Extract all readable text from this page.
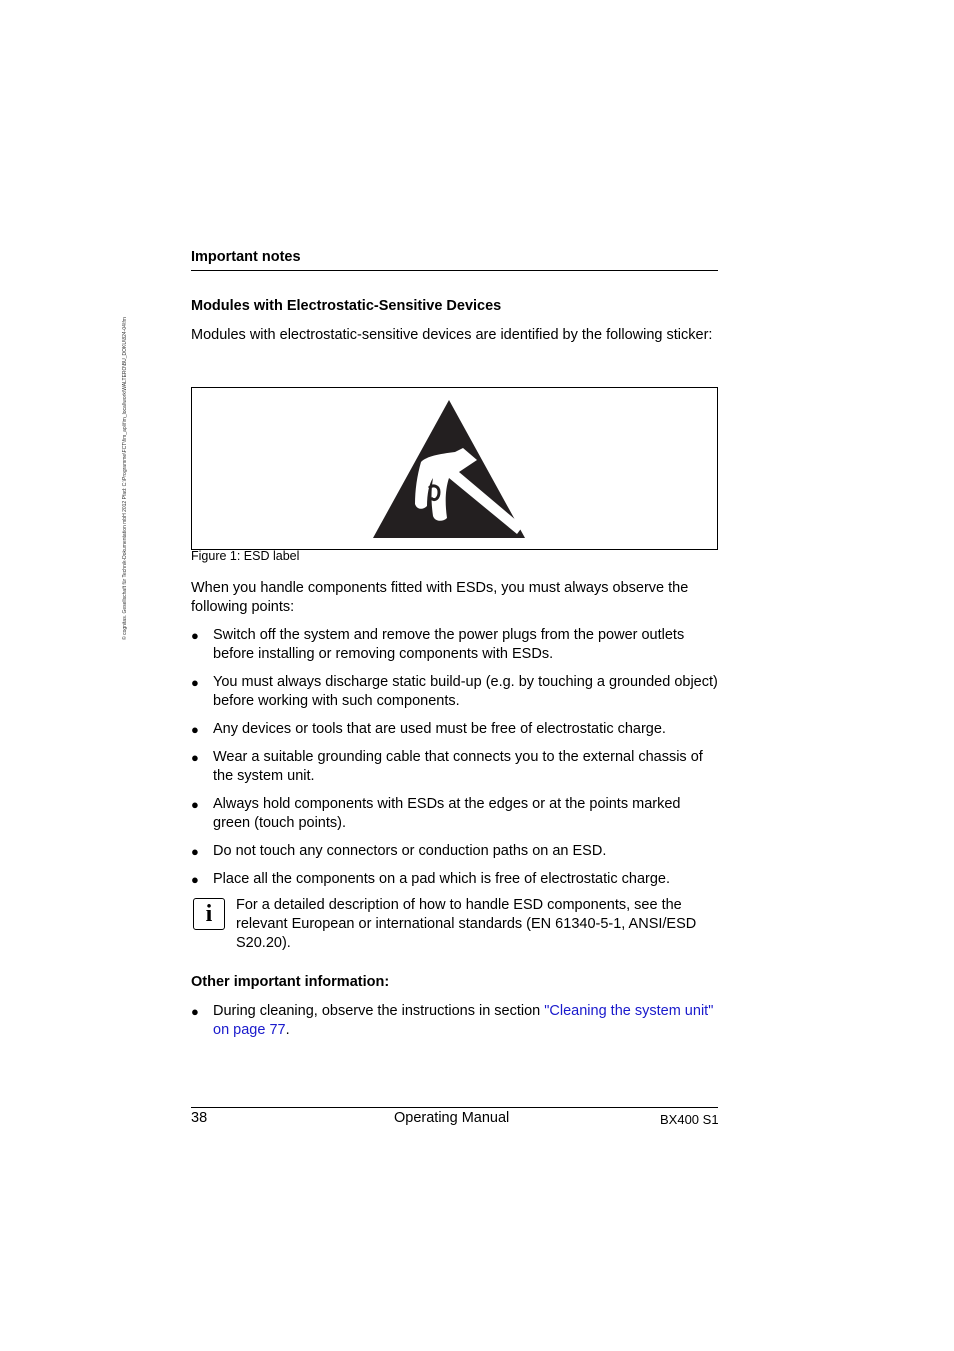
© cognitas. Gesellschaft für Technik-Dokumentation mbH 2012 Pfad: C:\Programme\FCT\fim_api\fim_local\work\WALTERO\BU_DOKU\824-04\fm
Important notes
Modules with Electrostatic-Sensitive Devices
Modules with electrostatic-sensitive devices are identified by the following sticker:
Figure 1: ESD label
When you handle components fitted with ESDs, you must always observe the following points:
● Switch off the system and remove the power plugs from the power outlets before installing or removing components with ESDs.
● You must always discharge static build-up (e.g. by touching a grounded object) before working with such components.
● Any devices or tools that are used must be free of electrostatic charge.
● Wear a suitable grounding cable that connects you to the external chassis of the system unit.
● Always hold components with ESDs at the edges or at the points marked green (touch points).
● Do not touch any connectors or conduction paths on an ESD.
● Place all the components on a pad which is free of electrostatic charge.
i	For a detailed description of how to handle ESD components, see the relevant European or international standards (EN 61340-5-1, ANSI/ESD S20.20).
Other important information:
● During cleaning, observe the instructions in section "Cleaning the system unit" on page 77.
38	Operating Manual	BX400 S1
